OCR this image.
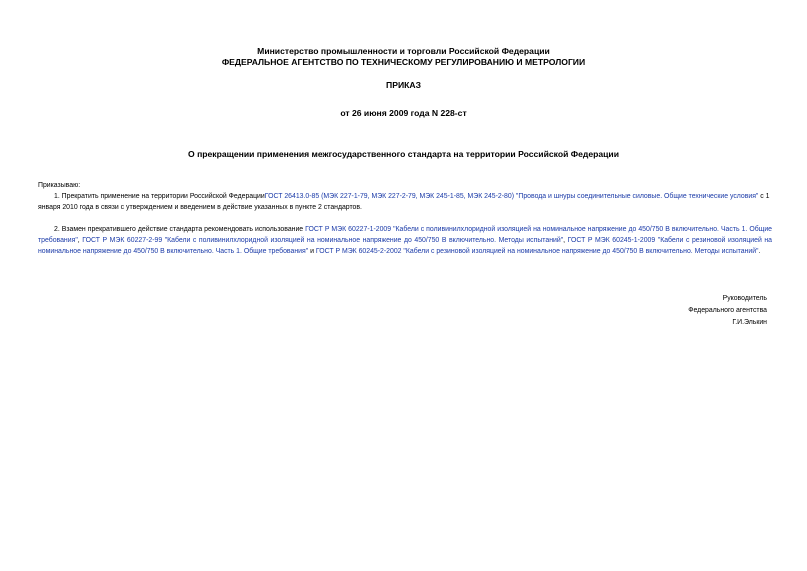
Министерство промышленности и торговли Российской Федерации
ФЕДЕРАЛЬНОЕ АГЕНТСТВО ПО ТЕХНИЧЕСКОМУ РЕГУЛИРОВАНИЮ И МЕТРОЛОГИИ
ПРИКАЗ
от 26 июня 2009 года N 228-ст
О прекращении применения межгосударственного стандарта на территории Российской Федерации
Приказываю:
1. Прекратить применение на территории Российской ФедерацииГОСТ 26413.0-85 (МЭК 227-1-79, МЭК 227-2-79, МЭК 245-1-85, МЭК 245-2-80) "Провода и шнуры соединительные силовые. Общие технические условия" с 1 января 2010 года в связи с утверждением и введением в действие указанных в пункте 2 стандартов.
2. Взамен прекратившего действие стандарта рекомендовать использование ГОСТ Р МЭК 60227-1-2009 "Кабели с поливинилхлоридной изоляцией на номинальное напряжение до 450/750 В включительно. Часть 1. Общие требования", ГОСТ Р МЭК 60227-2-99 "Кабели с поливинилхлоридной изоляцией на номинальное напряжение до 450/750 В включительно. Методы испытаний", ГОСТ Р МЭК 60245-1-2009 "Кабели с резиновой изоляцией на номинальное напряжение до 450/750 В включительно. Часть 1. Общие требования" и ГОСТ Р МЭК 60245-2-2002 "Кабели с резиновой изоляцией на номинальное напряжение до 450/750 В включительно. Методы испытаний".
Руководитель
Федерального агентства
Г.И.Элькин
